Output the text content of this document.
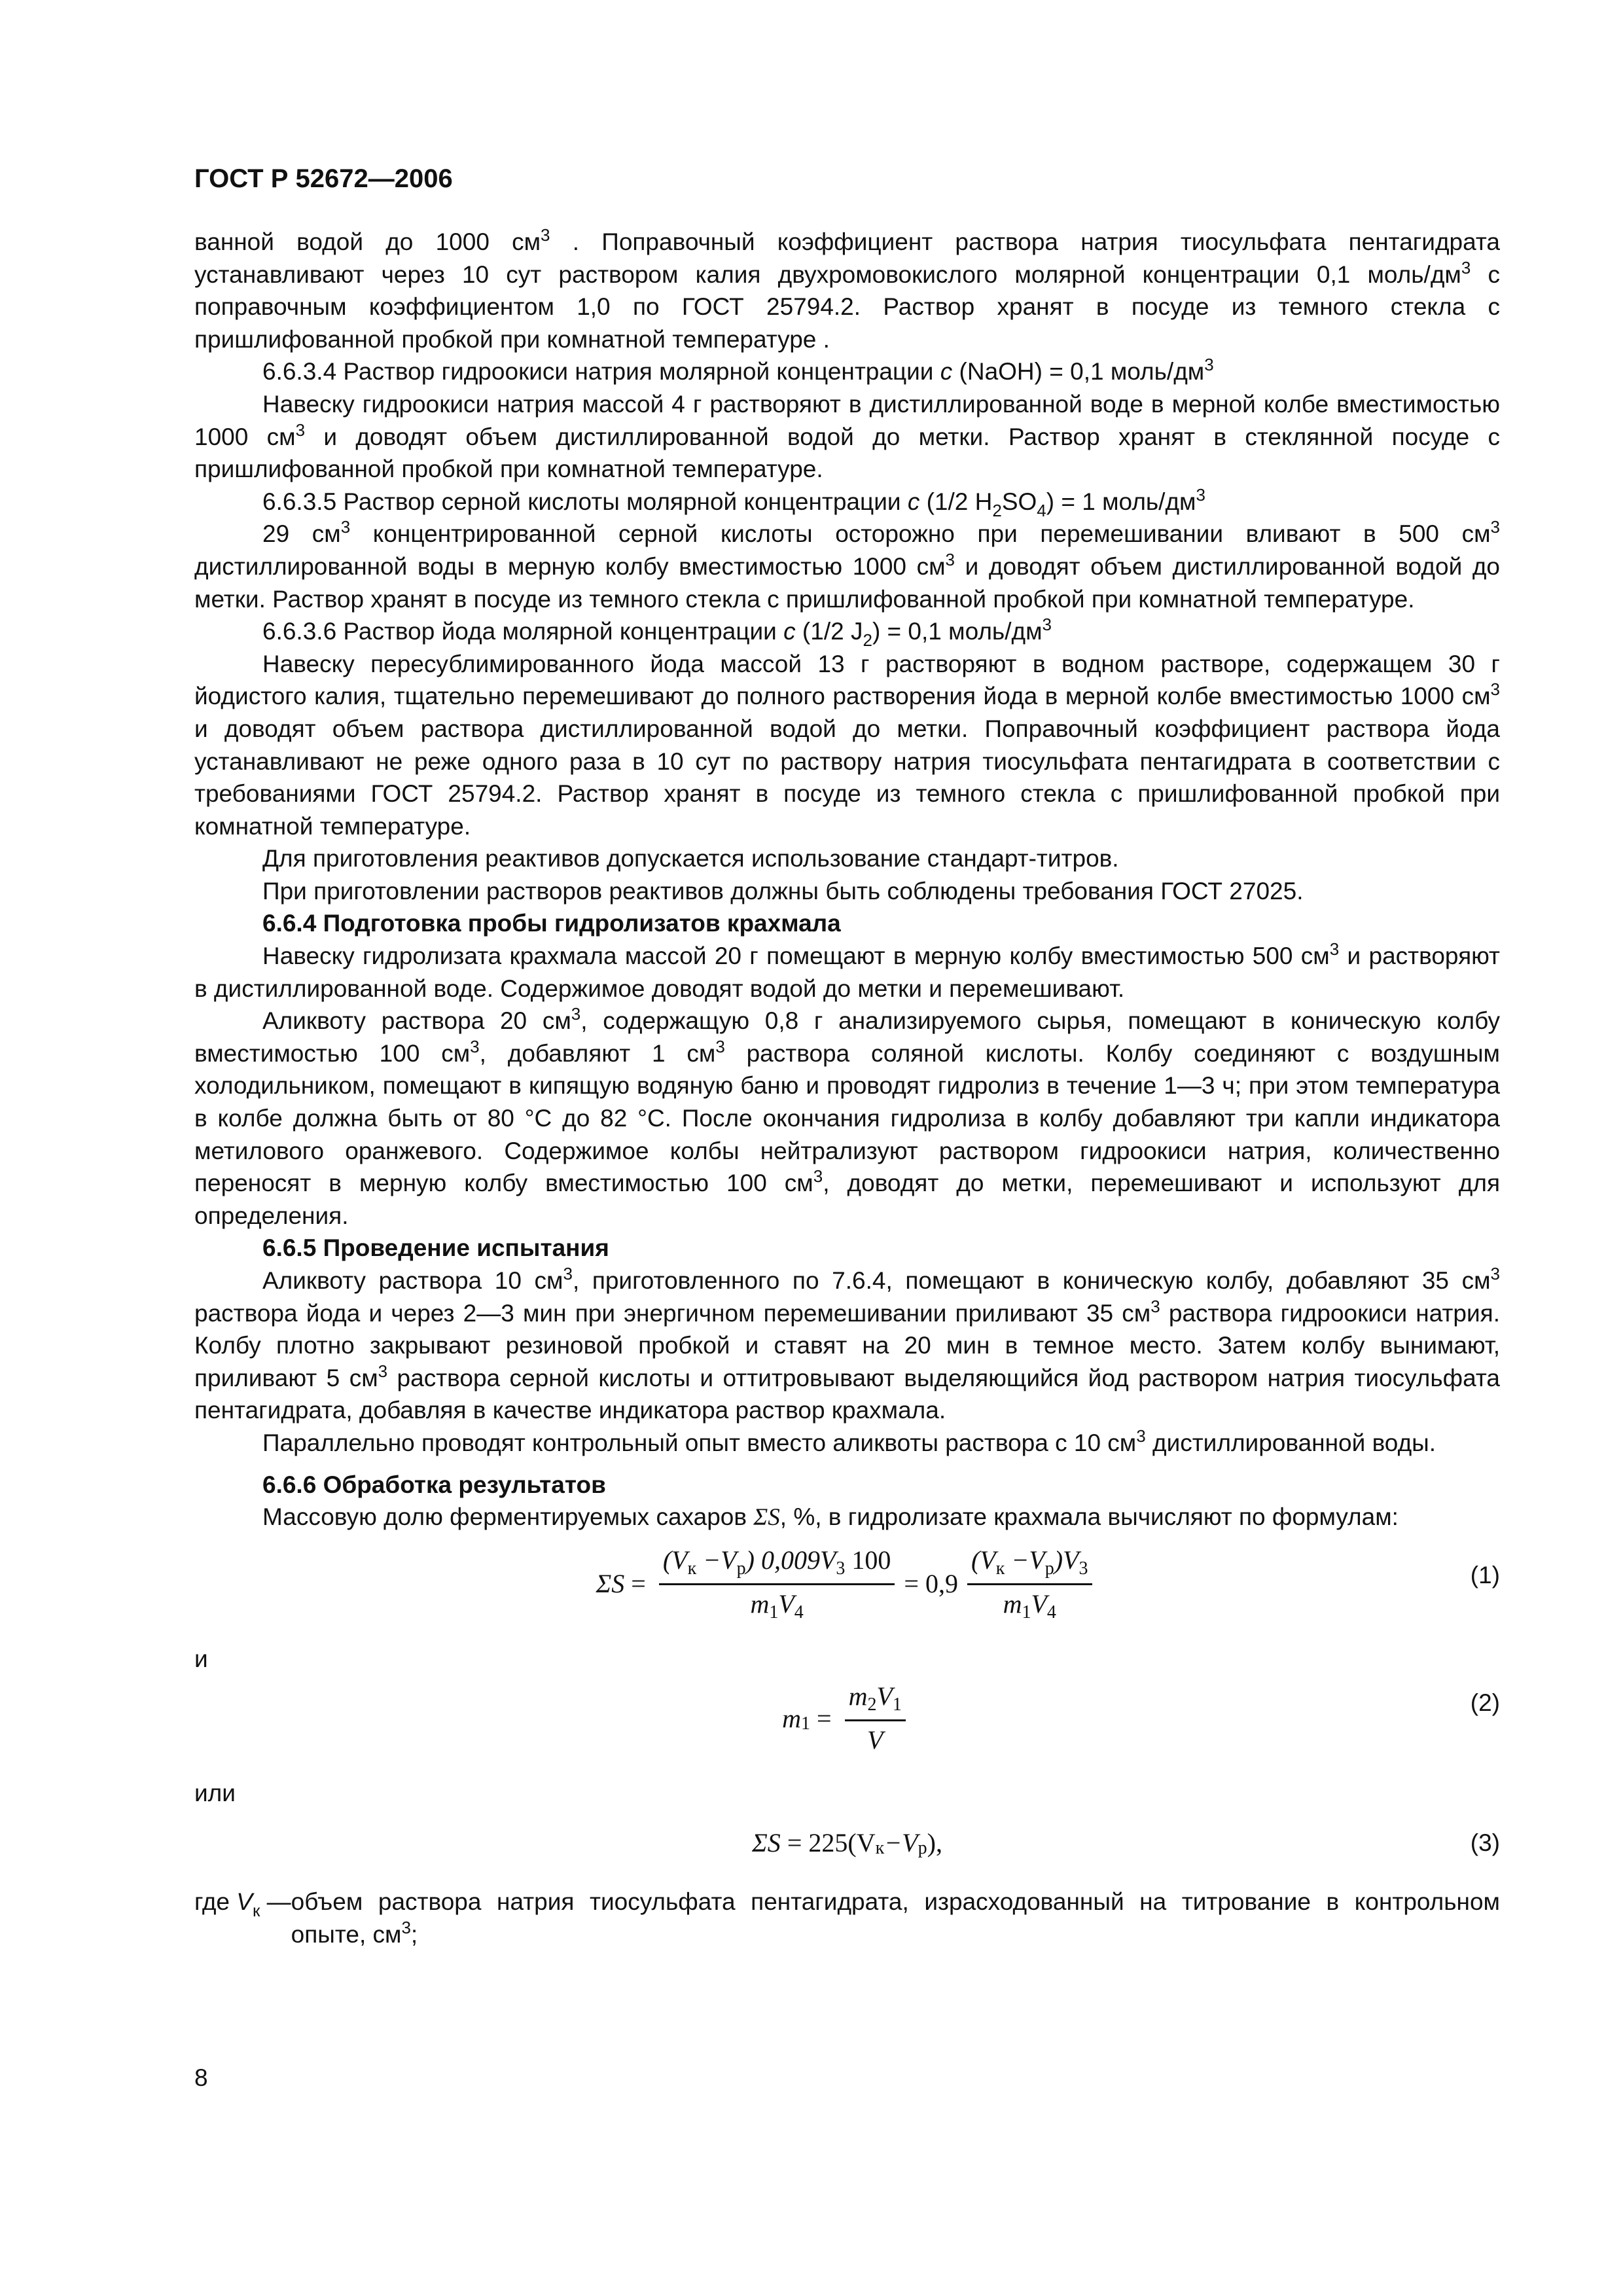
ГОСТ Р 52672—2006

ванной водой до 1000 $см^3$ . Поправочный коэффициент раствора натрия тиосульфата пентагидрата устанавливают через 10 сут раствором калия двухромовокислого молярной концентрации 0,1 моль/$дм^3$ с поправочным коэффициентом 1,0 по ГОСТ 25794.2. Раствор хранят в посуде из темного стекла с пришлифованной пробкой при комнатной температуре .

6.6.3.4 Раствор гидроокиси натрия молярной концентрации c (NaOH) = 0,1 моль/$дм^3$

Навеску гидроокиси натрия массой 4 г растворяют в дистиллированной воде в мерной колбе вместимостью 1000 $см^3$ и доводят объем дистиллированной водой до метки. Раствор хранят в стеклянной посуде с пришлифованной пробкой при комнатной температуре.

6.6.3.5 Раствор серной кислоты молярной концентрации c (1/2 $H_2SO_4) = 1$ моль/$дм^3$

29 $см^3$ концентрированной серной кислоты осторожно при перемешивании вливают в 500 $см^3$ дистиллированной воды в мерную колбу вместимостью 1000 $см^3$ и доводят объем дистиллированной водой до метки. Раствор хранят в посуде из темного стекла с пришлифованной пробкой при комнатной температуре.

6.6.3.6 Раствор йода молярной концентрации c (1/2 $J_2) = 0,1$ моль/$дм^3$

Навеску пересублимированного йода массой 13 г растворяют в водном растворе, содержащем 30 г йодистого калия, тщательно перемешивают до полного растворения йода в мерной колбе вместимостью 1000 $см^3$ и доводят объем раствора дистиллированной водой до метки. Поправочный коэффициент раствора йода устанавливают не реже одного раза в 10 сут по раствору натрия тиосульфата пентагидрата в соответствии с требованиями ГОСТ 25794.2. Раствор хранят в посуде из темного стекла с пришлифованной пробкой при комнатной температуре.

Для приготовления реактивов допускается использование стандарт-титров.

При приготовлении растворов реактивов должны быть соблюдены требования ГОСТ 27025.

6.6.4 Подготовка пробы гидролизатов крахмала

Навеску гидролизата крахмала массой 20 г помещают в мерную колбу вместимостью 500 $см^3$ и растворяют в дистиллированной воде. Содержимое доводят водой до метки и перемешивают.

Аликвоту раствора 20 $см^3$, содержащую 0,8 г анализируемого сырья, помещают в коническую колбу вместимостью 100 $см^3$, добавляют 1 $см^3$ раствора соляной кислоты. Колбу соединяют с воздушным холодильником, помещают в кипящую водяную баню и проводят гидролиз в течение 1—3 ч; при этом температура в колбе должна быть от 80 °С до 82 °С. После окончания гидролиза в колбу добавляют три капли индикатора метилового оранжевого. Содержимое колбы нейтрализуют раствором гидроокиси натрия, количественно переносят в мерную колбу вместимостью 100 $см^3$, доводят до метки, перемешивают и используют для определения.

6.6.5 Проведение испытания

Аликвоту раствора 10 $см^3$, приготовленного по 7.6.4, помещают в коническую колбу, добавляют 35 $см^3$ раствора йода и через 2—3 мин при энергичном перемешивании приливают 35 $см^3$ раствора гидроокиси натрия. Колбу плотно закрывают резиновой пробкой и ставят на 20 мин в темное место. Затем колбу вынимают, приливают 5 $см^3$ раствора серной кислоты и оттитровывают выделяющийся йод раствором натрия тиосульфата пентагидрата, добавляя в качестве индикатора раствор крахмала.

Параллельно проводят контрольный опыт вместо аликвоты раствора с 10 $см^3$ дистиллированной воды.

6.6.6 Обработка результатов

Массовую долю ферментируемых сахаров ΣS, %, в гидролизате крахмала вычисляют по формулам:

$\Sigma S = \frac{(V_к -V_р) 0,009V_3 100}{m_1V_4} = 0,9 \frac{(V_к -V_р)V_3}{m_1V_4}$	(1)

и

m $1 = \frac{m_2V_1}{V}$	(2)

или

ΣS = 225(V к −V р ),	(3)
где $V_к$ — объем раствора натрия тиосульфата пентагидрата, израсходованный на титрование в контрольном опыте, $см^3$;
8
